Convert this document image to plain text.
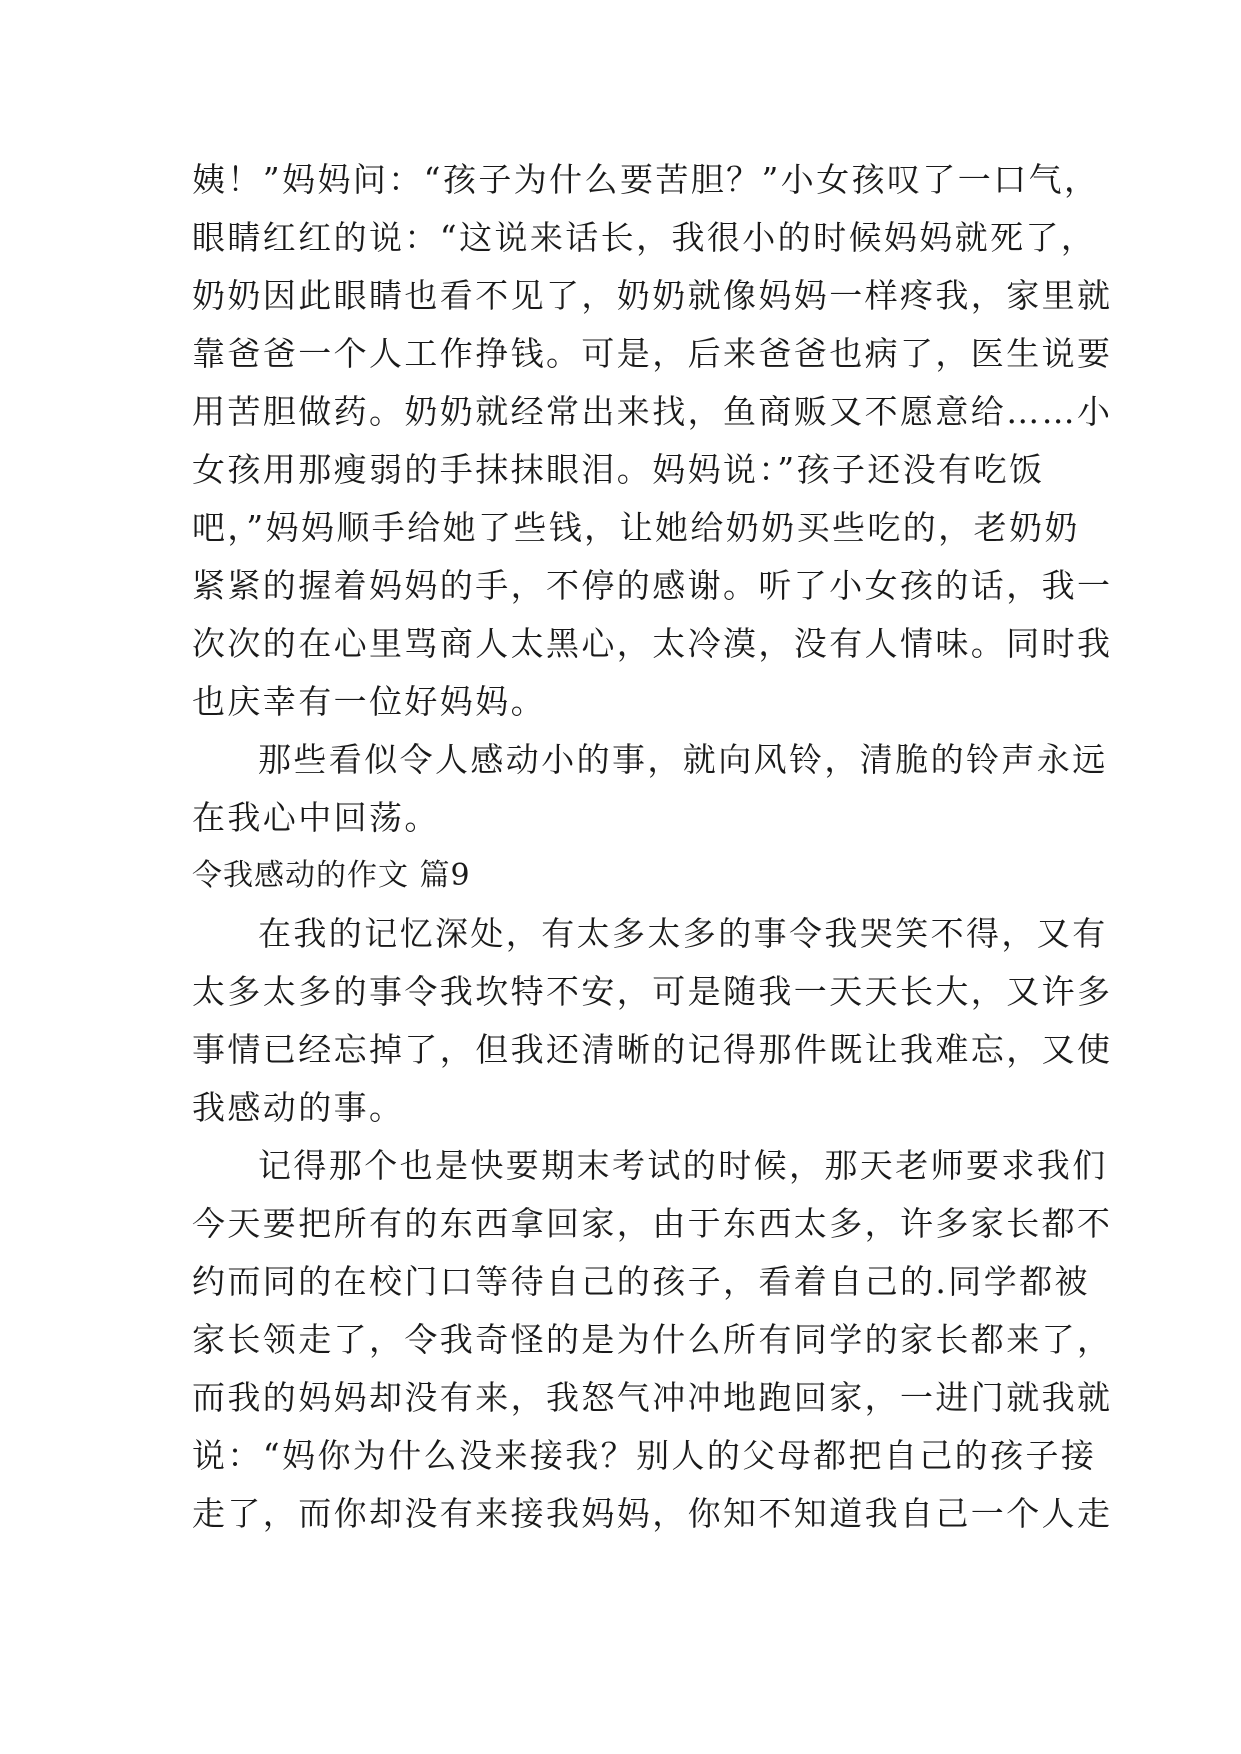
姨！”妈妈问：“孩子为什么要苦胆？”小女孩叹了一口气，
眼睛红红的说：“这说来话长，我很小的时候妈妈就死了，
奶奶因此眼睛也看不见了，奶奶就像妈妈一样疼我，家里就
靠爸爸一个人工作挣钱。可是，后来爸爸也病了，医生说要
用苦胆做药。奶奶就经常出来找，鱼商贩又不愿意给……小
女孩用那瘦弱的手抹抹眼泪。妈妈说：”孩子还没有吃饭
吧，”妈妈顺手给她了些钱，让她给奶奶买些吃的，老奶奶
紧紧的握着妈妈的手，不停的感谢。听了小女孩的话，我一
次次的在心里骂商人太黑心，太冷漠，没有人情味。同时我
也庆幸有一位好妈妈。
那些看似令人感动小的事，就向风铃，清脆的铃声永远
在我心中回荡。
令我感动的作文 篇9
在我的记忆深处，有太多太多的事令我哭笑不得，又有
太多太多的事令我坎特不安，可是随我一天天长大，又许多
事情已经忘掉了，但我还清晰的记得那件既让我难忘，又使
我感动的事。
记得那个也是快要期末考试的时候，那天老师要求我们
今天要把所有的东西拿回家，由于东西太多，许多家长都不
约而同的在校门口等待自己的孩子，看着自己的.同学都被
家长领走了，令我奇怪的是为什么所有同学的家长都来了，
而我的妈妈却没有来，我怒气冲冲地跑回家，一进门就我就
说：“妈你为什么没来接我？别人的父母都把自己的孩子接
走了，而你却没有来接我妈妈，你知不知道我自己一个人走
